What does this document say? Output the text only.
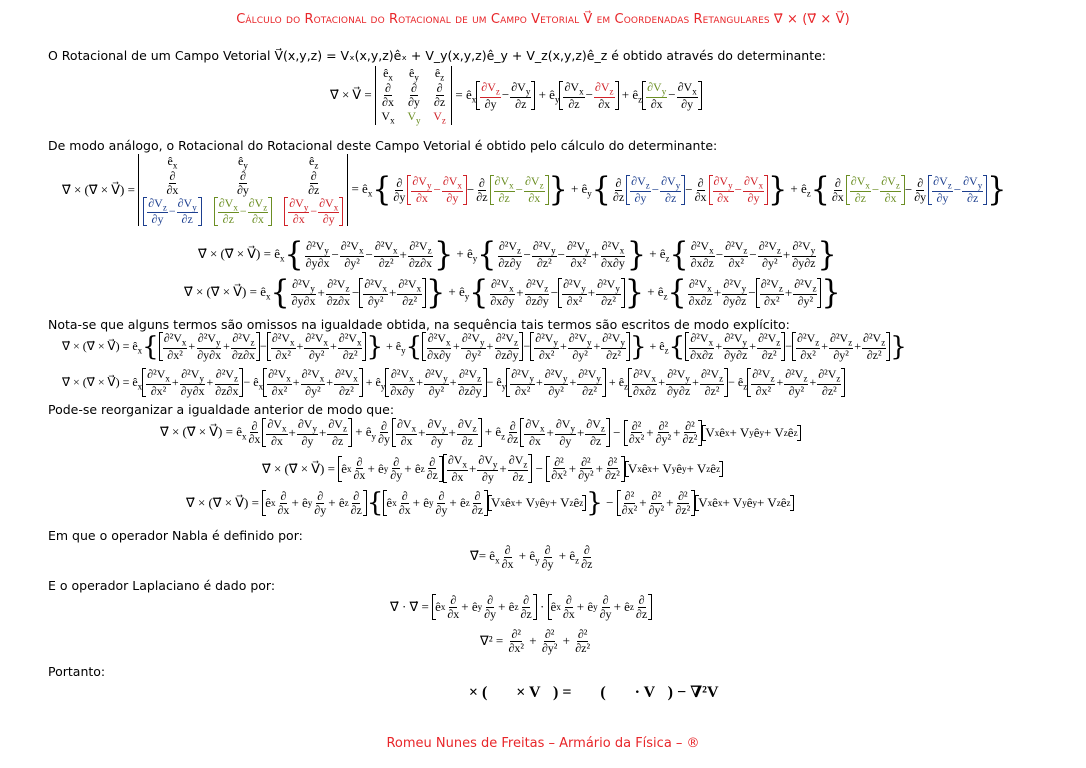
Cálculo do Rotacional do Rotacional de um Campo Vetorial V⃗ em Coordenadas Retangulares ∇⃗ × (∇⃗ × V⃗)
O Rotacional de um Campo Vetorial V⃗(x,y,z) = Vₓ(x,y,z)êₓ + V_y(x,y,z)ê_y + V_z(x,y,z)ê_z é obtido através do determinante:
∇⃗ × V⃗ =
$ê_x$ $ê_y$ $ê_z$
$\frac{\partial}{\partial x} \frac{\partial}{\partial y} \frac{\partial}{\partial z}$
$V_x$ $V_y$ $V_z$
= $ê_x \frac{\partial V_z}{\partial y} - \frac{\partial V_y}{\partial z}$ + $ê_y \frac{\partial V_x}{\partial z} - \frac{\partial V_z}{\partial x}$ + $ê_z \frac{\partial V_y}{\partial x} - \frac{\partial V_x}{\partial y}$
De modo análogo, o Rotacional do Rotacional deste Campo Vetorial é obtido pelo cálculo do determinante:
∇⃗ × (∇⃗ × V⃗) =
$ê_x$	$ê_y$	$ê_z$
$\frac{\partial}{\partial x} \frac{\partial}{\partial y} \frac{\partial}{\partial z}$
$\frac{\partial V_z}{\partial y} - \frac{\partial V_y}{\partial z} \frac{\partial V_x}{\partial z} - \frac{\partial V_z}{\partial x} \frac{\partial V_y}{\partial x} - \frac{\partial V_x}{\partial y}$
= $ê_x$ { $\frac{\partial}{\partial y} \frac{\partial V_y}{\partial x} - \frac{\partial V_x}{\partial y} - \frac{\partial}{\partial z} \frac{\partial V_x}{\partial z} - \frac{\partial V_z}{\partial x}$ } + $ê_y$ { $\frac{\partial}{\partial z} \frac{\partial V_z}{\partial y} - \frac{\partial V_y}{\partial z} - \frac{\partial}{\partial x} \frac{\partial V_y}{\partial x} - \frac{\partial V_x}{\partial y}$ } + $ê_z$ { $\frac{\partial}{\partial x} \frac{\partial V_x}{\partial z} - \frac{\partial V_z}{\partial x} - \frac{\partial}{\partial y} \frac{\partial V_z}{\partial y} - \frac{\partial V_y}{\partial z}$ }
∇⃗ × (∇⃗ × V⃗) = $ê_x$ { $\frac{\partial^2V_y}{\partial y\partial x} - \frac{\partial^2V_x}{\text{∂y²}} - \frac{\partial^2V_x}{\text{∂z²}} + \frac{\partial^2V_z}{\partial z\partial x}$ } + $ê_y$ { $\frac{\partial^2V_z}{\partial z\partial y} - \frac{\partial^2V_y}{\text{∂z²}} - \frac{\partial^2V_y}{\text{∂x²}} + \frac{\partial^2V_x}{\partial x\partial y}$ } + $ê_z$ { $\frac{\partial^2V_x}{\partial x\partial z} - \frac{\partial^2V_z}{\text{∂x²}} - \frac{\partial^2V_z}{\text{∂y²}} + \frac{\partial^2V_y}{\partial y\partial z}$ }
∇⃗ × (∇⃗ × V⃗) = $ê_x$ { $\frac{\partial^2V_y}{\partial y\partial x} + \frac{\partial^2V_z}{\partial z\partial x} - \frac{\partial^2V_x}{\text{∂y²}} + \frac{\partial^2V_x}{\text{∂z²}}$ } + $ê_y$ { $\frac{\partial^2V_x}{\partial x\partial y} + \frac{\partial^2V_z}{\partial z\partial y} - \frac{\partial^2V_y}{\text{∂x²}} + \frac{\partial^2V_y}{\text{∂z²}}$ } + $ê_z$ { $\frac{\partial^2V_x}{\partial x\partial z} + \frac{\partial^2V_y}{\partial y\partial z} - \frac{\partial^2V_z}{\text{∂x²}} + \frac{\partial^2V_z}{\text{∂y²}}$ }
Nota-se que alguns termos são omissos na igualdade obtida, na sequência tais termos são escritos de modo explícito:
∇⃗ × (∇⃗ × V⃗) = $ê_x$ { $\frac{\partial^2V_x}{\text{∂x²}} + \frac{\partial^2V_y}{\partial y\partial x} + \frac{\partial^2V_z}{\partial z\partial x} - \frac{\partial^2V_x}{\text{∂x²}} + \frac{\partial^2V_x}{\text{∂y²}} + \frac{\partial^2V_x}{\text{∂z²}}$ } + $ê_y$ { $\frac{\partial^2V_x}{\partial x\partial y} + \frac{\partial^2V_y}{\text{∂y²}} + \frac{\partial^2V_z}{\partial z\partial y} - \frac{\partial^2V_y}{\text{∂x²}} + \frac{\partial^2V_y}{\text{∂y²}} + \frac{\partial^2V_y}{\text{∂z²}}$ } + $ê_z$ { $\frac{\partial^2V_x}{\partial x\partial z} + \frac{\partial^2V_y}{\partial y\partial z} + \frac{\partial^2V_z}{\text{∂z²}} - \frac{\partial^2V_z}{\text{∂x²}} + \frac{\partial^2V_z}{\text{∂y²}} + \frac{\partial^2V_z}{\text{∂z²}}$ }
∇⃗ × (∇⃗ × V⃗) = $ê_x \frac{\partial^2V_x}{\text{∂x²}} + \frac{\partial^2V_y}{\partial y\partial x} + \frac{\partial^2V_z}{\partial z\partial x}$ − $ê_x \frac{\partial^2V_x}{\text{∂x²}} + \frac{\partial^2V_x}{\text{∂y²}} + \frac{\partial^2V_x}{\text{∂z²}}$ + $ê_y \frac{\partial^2V_x}{\partial x\partial y} + \frac{\partial^2V_y}{\text{∂y²}} + \frac{\partial^2V_z}{\partial z\partial y}$ − $ê_y \frac{\partial^2V_y}{\text{∂x²}} + \frac{\partial^2V_y}{\text{∂y²}} + \frac{\partial^2V_y}{\text{∂z²}}$ + $ê_z \frac{\partial^2V_x}{\partial x\partial z} + \frac{\partial^2V_y}{\partial y\partial z} + \frac{\partial^2V_z}{\text{∂z²}}$ − $ê_z \frac{\partial^2V_z}{\text{∂x²}} + \frac{\partial^2V_z}{\text{∂y²}} + \frac{\partial^2V_z}{\text{∂z²}}$
Pode-se reorganizar a igualdade anterior de modo que:
∇⃗ × (∇⃗ × V⃗) = $ê_x \frac{\partial}{\partial x} \frac{\partial V_x}{\partial x} + \frac{\partial V_y}{\partial y} + \frac{\partial V_z}{\partial z}$ + $ê_y \frac{\partial}{\partial y} \frac{\partial V_x}{\partial x} + \frac{\partial V_y}{\partial y} + \frac{\partial V_z}{\partial z}$ + $ê_z \frac{\partial}{\partial z} \frac{\partial V_x}{\partial x} + \frac{\partial V_y}{\partial y} + \frac{\partial V_z}{\partial z} - \frac{\text{∂²}}{\text{∂x²}} + \frac{\text{∂²}}{\text{∂y²}} + \frac{\text{∂²}}{\text{∂z²}}$ V x ê x + V y ê y + V z ê z
∇⃗ × (∇⃗ × V⃗) = ê x $\frac{\partial}{\partial x}$ + ê y $\frac{\partial}{\partial y}$ + ê z $\frac{\partial}{\partial z} \frac{\partial V_x}{\partial x} + \frac{\partial V_y}{\partial y} + \frac{\partial V_z}{\partial z} - \frac{\text{∂²}}{\text{∂x²}} + \frac{\text{∂²}}{\text{∂y²}} + \frac{\text{∂²}}{\text{∂z²}}$ V x ê x + V y ê y + V z ê z
∇⃗ × (∇⃗ × V⃗) = ê x $\frac{\partial}{\partial x}$ + ê y $\frac{\partial}{\partial y}$ + ê z $\frac{\partial}{\partial z}$ { ê x $\frac{\partial}{\partial x}$ + ê y $\frac{\partial}{\partial y}$ + ê z $\frac{\partial}{\partial z}$ V x ê x + V y ê y + V z ê z } − $\frac{\text{∂²}}{\text{∂x²}} + \frac{\text{∂²}}{\text{∂y²}} + \frac{\text{∂²}}{\text{∂z²}}$ V x ê x + V y ê y + V z ê z
Em que o operador Nabla é definido por:
∇⃗= $ê_x \frac{\partial}{\partial x}$ + $ê_y \frac{\partial}{\partial y}$ + $ê_z \frac{\partial}{\partial z}$
E o operador Laplaciano é dado por:
∇⃗ · ∇⃗ = ê x $\frac{\partial}{\partial x}$ + ê y $\frac{\partial}{\partial y}$ + ê z $\frac{\partial}{\partial z}$ · ê x $\frac{\partial}{\partial x}$ + ê y $\frac{\partial}{\partial y}$ + ê z $\frac{\partial}{\partial z}$
$\nabla^2 = \frac{\text{∂²}}{\text{∂x²}} + \frac{\text{∂²}}{\text{∂y²}} + \frac{\text{∂²}}{\text{∂z²}}$
Portanto:
∇⃗ × (∇⃗ × V⃗) = ∇⃗(∇⃗ · V⃗) − ∇²V⃗
Romeu Nunes de Freitas – Armário da Física – ®
